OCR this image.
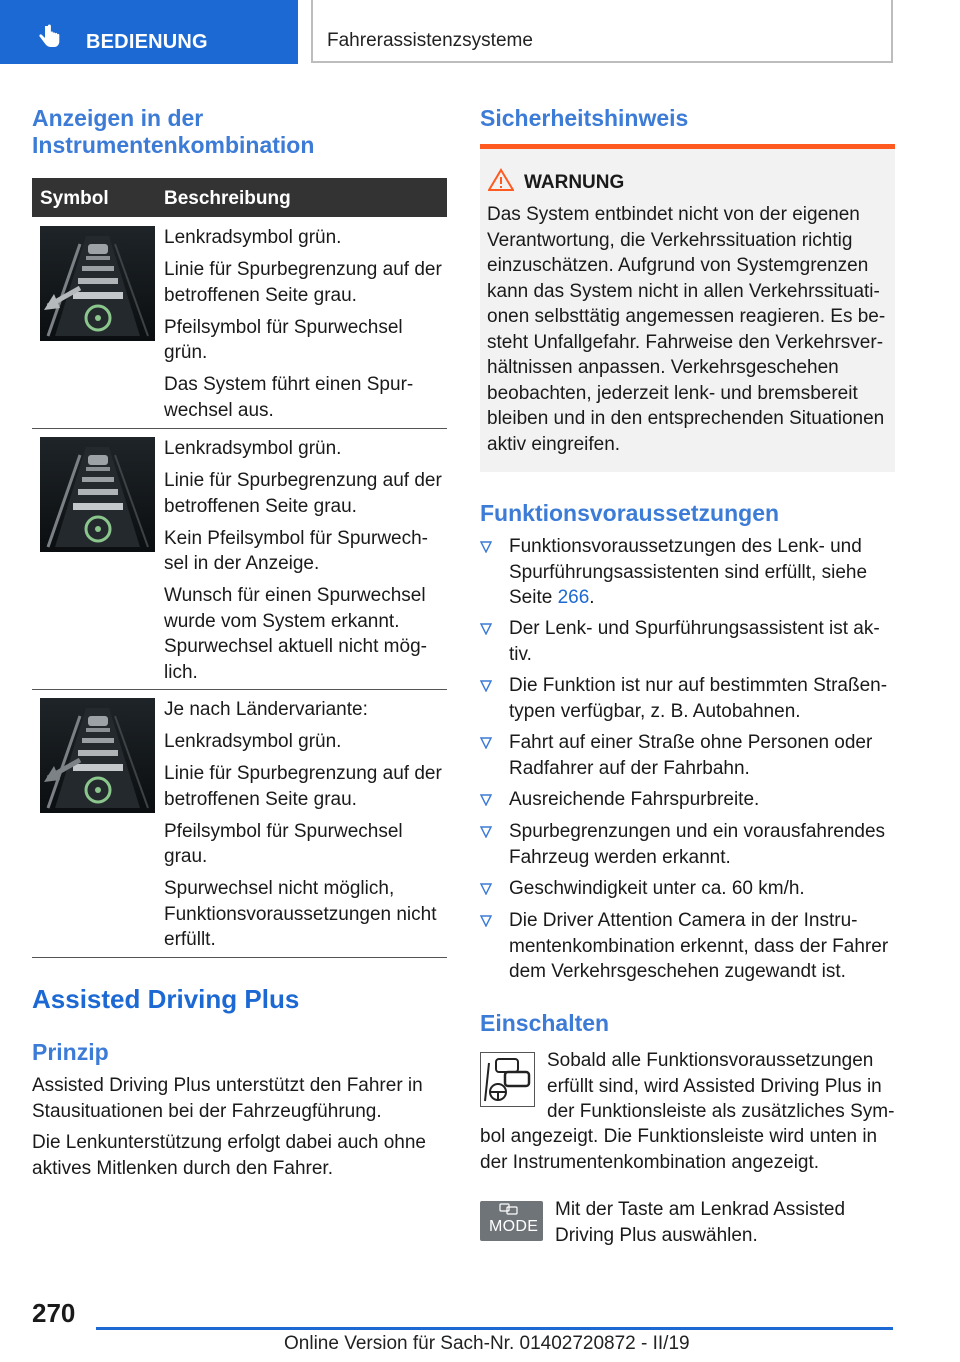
BEDIENUNG	Fahrerassistenzsysteme
Anzeigen in der
Instrumentenkombination
Symbol	Beschreibung

Lenkradsymbol grün.

Linie für Spurbegrenzung auf der betroffenen Seite grau.

Pfeilsymbol für Spurwechsel grün.

Das System führt einen Spur-wechsel aus.

Lenkradsymbol grün.

Linie für Spurbegrenzung auf der betroffenen Seite grau.

Kein Pfeilsymbol für Spurwech-sel in der Anzeige.

Wunsch für einen Spurwechsel wurde vom System erkannt. Spurwechsel aktuell nicht mög-lich.

Je nach Ländervariante:

Lenkradsymbol grün.

Linie für Spurbegrenzung auf der betroffenen Seite grau.

Pfeilsymbol für Spurwechsel grau.

Spurwechsel nicht möglich, Funktionsvoraussetzungen nicht erfüllt.

Assisted Driving Plus
Prinzip
Assisted Driving Plus unterstützt den Fahrer in Stausituationen bei der Fahrzeugführung.
Die Lenkunterstützung erfolgt dabei auch ohne aktives Mitlenken durch den Fahrer.
Sicherheitshinweis
WARNUNG
Das System entbindet nicht von der eigenen Verantwortung, die Verkehrssituation richtig einzuschätzen. Aufgrund von Systemgrenzen kann das System nicht in allen Verkehrssituati-onen selbsttätig angemessen reagieren. Es be-steht Unfallgefahr. Fahrweise den Verkehrsver-hältnissen anpassen. Verkehrsgeschehen beobachten, jederzeit lenk- und bremsbereit bleiben und in den entsprechenden Situationen aktiv eingreifen.
Funktionsvoraussetzungen
Funktionsvoraussetzungen des Lenk- und Spurführungsassistenten sind erfüllt, siehe Seite 266.
Der Lenk- und Spurführungsassistent ist ak-tiv.
Die Funktion ist nur auf bestimmten Straßen-typen verfügbar, z. B. Autobahnen.
Fahrt auf einer Straße ohne Personen oder Radfahrer auf der Fahrbahn.
Ausreichende Fahrspurbreite.
Spurbegrenzungen und ein vorausfahrendes Fahrzeug werden erkannt.
Geschwindigkeit unter ca. 60 km/h.
Die Driver Attention Camera in der Instru-mentenkombination erkennt, dass der Fahrer dem Verkehrsgeschehen zugewandt ist.
Einschalten
Sobald alle Funktionsvoraussetzungen erfüllt sind, wird Assisted Driving Plus in der Funktionsleiste als zusätzliches Sym-
bol angezeigt. Die Funktionsleiste wird unten in der Instrumentenkombination angezeigt.
MODE
Mit der Taste am Lenkrad Assisted Driving Plus auswählen.
270
Online Version für Sach-Nr. 01402720872 - II/19
